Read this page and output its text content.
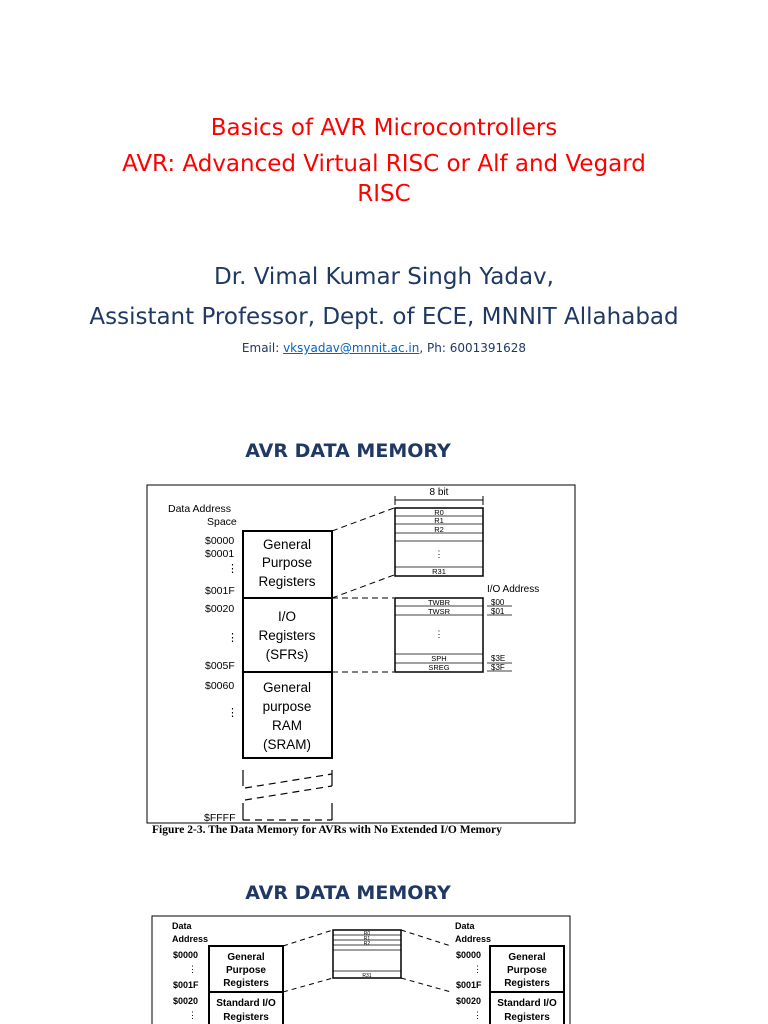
Basics of AVR Microcontrollers
AVR: Advanced Virtual RISC or Alf and Vegard
RISC
Dr. Vimal Kumar Singh Yadav,
Assistant Professor, Dept. of ECE, MNNIT Allahabad
Email: vksyadav@mnnit.ac.in, Ph: 6001391628
AVR DATA MEMORY
Data Address
Space
$0000
$0001
⋮
$001F
$0020
⋮
$005F
$0060
⋮
$FFFF
General
Purpose
Registers
I/O
Registers
(SFRs)
General
purpose
RAM
(SRAM)
8 bit
R0
R1
R2
⋮
R31
I/O Address
TWBR
TWSR
⋮
SPH
SREG
$00
$01
$3E
$3F
Figure 2-3. The Data Memory for AVRs with No Extended I/O Memory
AVR DATA MEMORY
Data
Address
$0000
⋮
$001F
$0020
⋮
General
Purpose
Registers
Standard I/O
Registers
R0
R1
R2
R31
Data
Address
$0000
⋮
$001F
$0020
⋮
General
Purpose
Registers
Standard I/O
Registers
